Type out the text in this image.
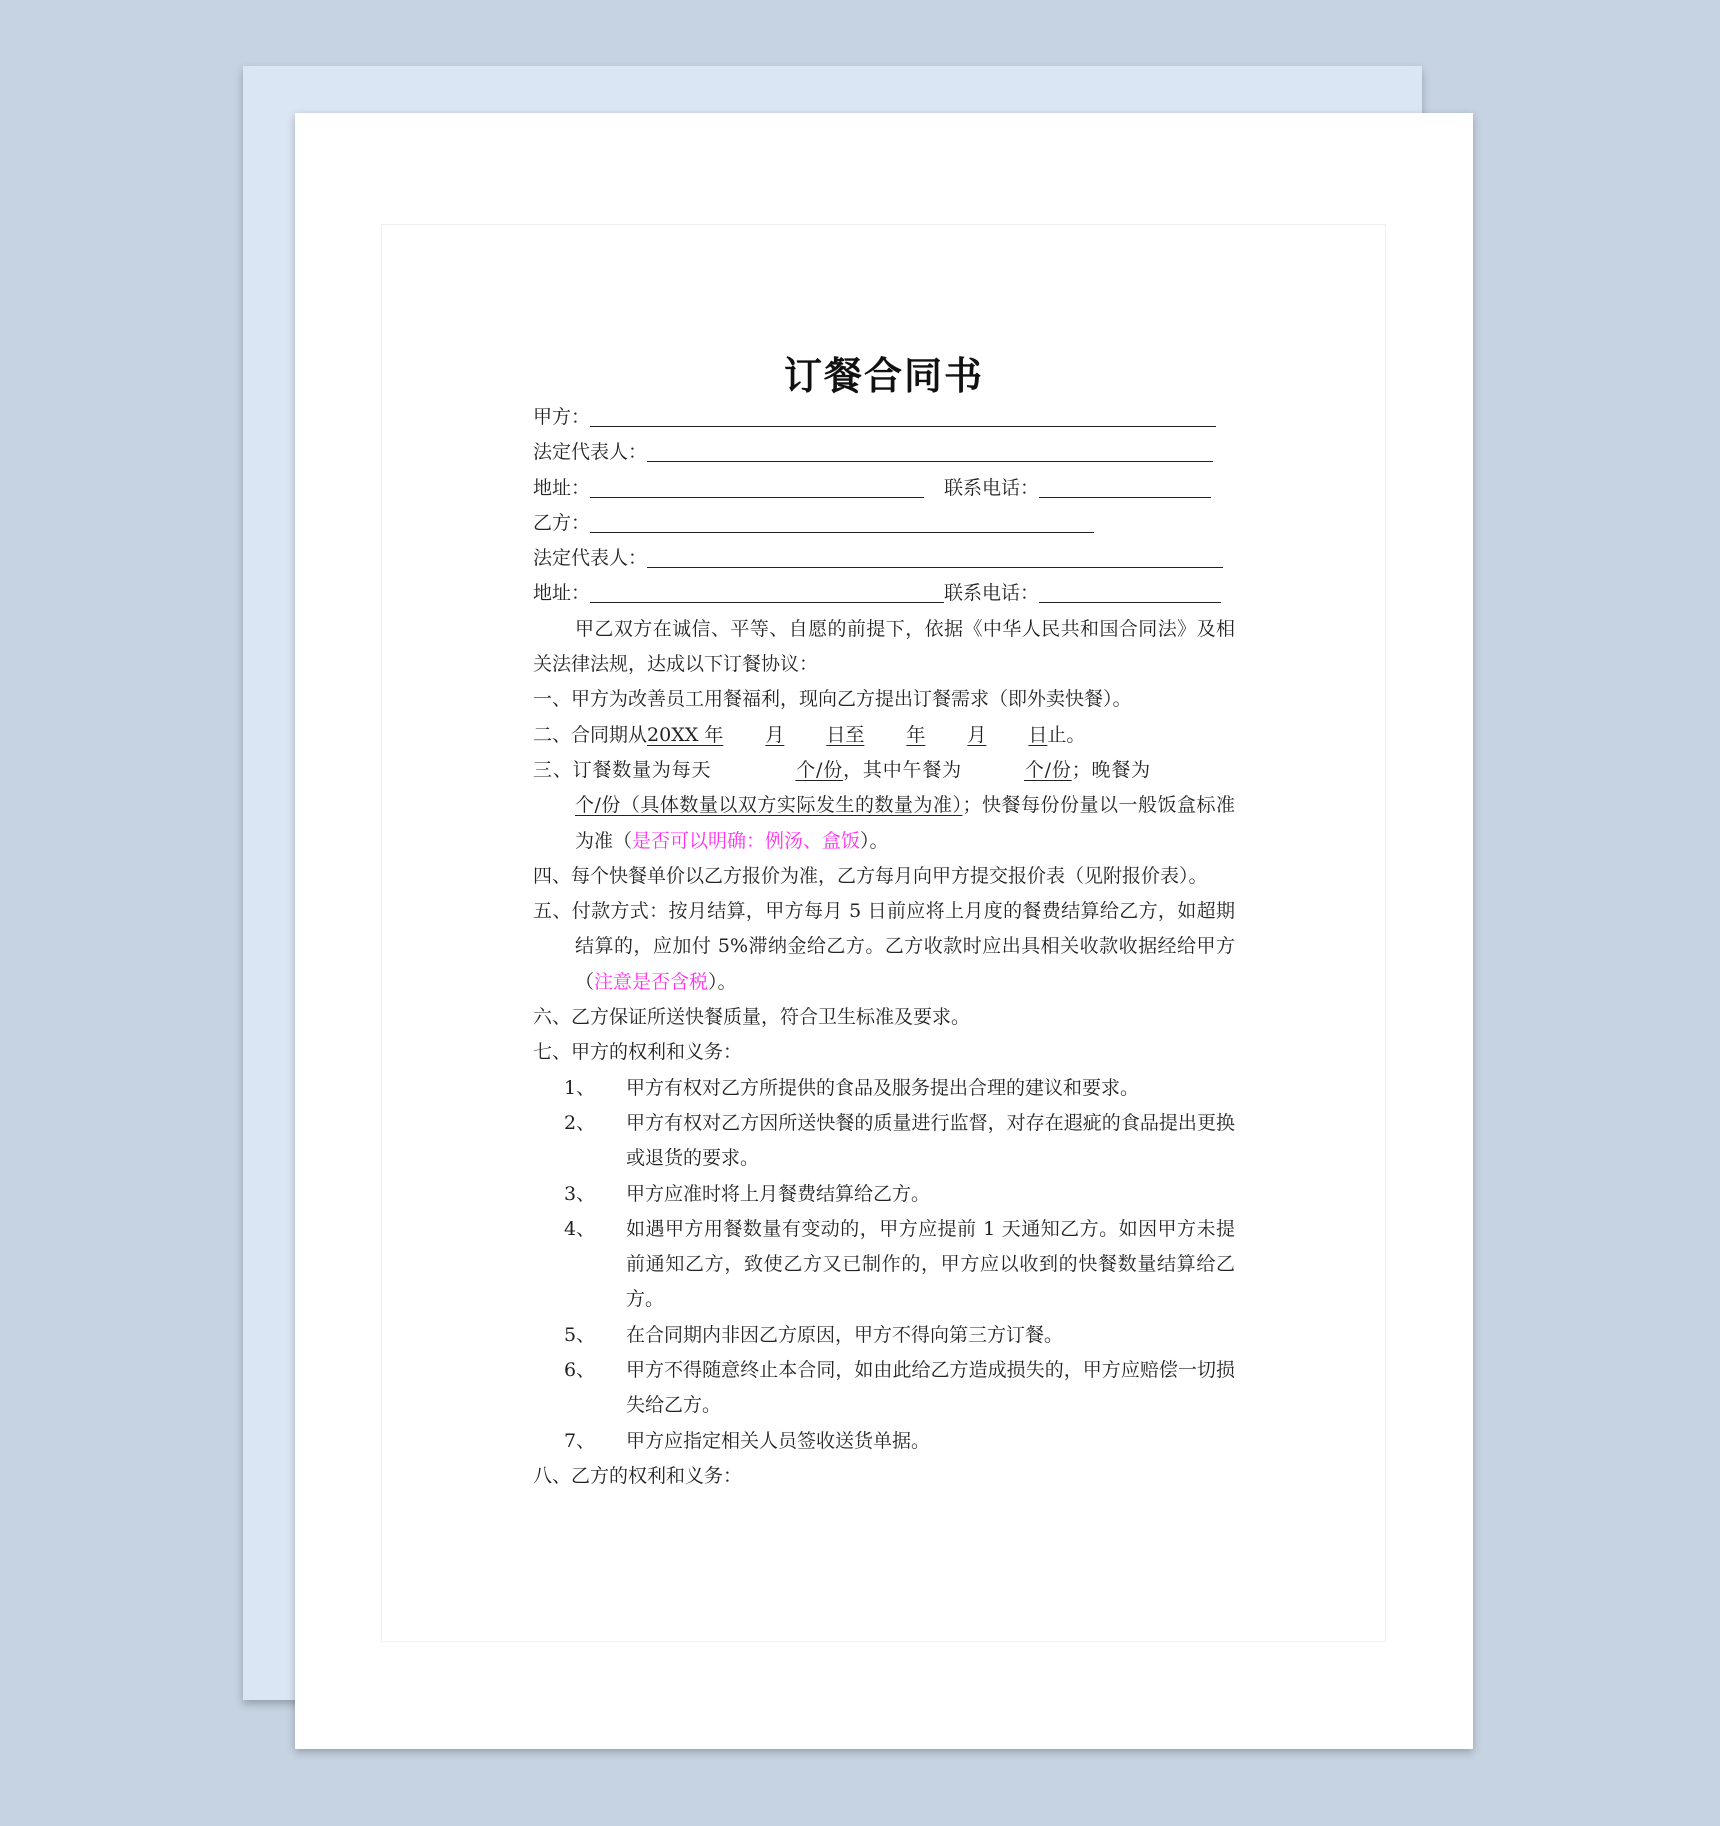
订餐合同书
甲方：
法定代表人：
地址：	联系电话：
乙方：
法定代表人：
地址：	联系电话：
甲乙双方在诚信、平等、自愿的前提下，依据《中华人民共和国合同法》及相关法律法规，达成以下订餐协议：
一、甲方为改善员工用餐福利，现向乙方提出订餐需求（即外卖快餐）。
二、合同期从20XX 年 月 日至 年 月 日止。
三、订餐数量为每天	个/份，其中午餐为	个/份；晚餐为个/份（具体数量以双方实际发生的数量为准）；快餐每份份量以一般饭盒标准为准（是否可以明确：例汤、盒饭）。
四、每个快餐单价以乙方报价为准，乙方每月向甲方提交报价表（见附报价表）。
五、付款方式：按月结算，甲方每月 5 日前应将上月度的餐费结算给乙方，如超期结算的，应加付 5%滞纳金给乙方。乙方收款时应出具相关收款收据经给甲方（注意是否含税）。
六、乙方保证所送快餐质量，符合卫生标准及要求。
七、甲方的权利和义务：
1、 甲方有权对乙方所提供的食品及服务提出合理的建议和要求。
2、 甲方有权对乙方因所送快餐的质量进行监督，对存在遐疵的食品提出更换或退货的要求。
3、 甲方应准时将上月餐费结算给乙方。
4、 如遇甲方用餐数量有变动的，甲方应提前 1 天通知乙方。如因甲方未提前通知乙方，致使乙方又已制作的，甲方应以收到的快餐数量结算给乙方。
5、 在合同期内非因乙方原因，甲方不得向第三方订餐。
6、 甲方不得随意终止本合同，如由此给乙方造成损失的，甲方应赔偿一切损失给乙方。
7、 甲方应指定相关人员签收送货单据。
八、乙方的权利和义务：
